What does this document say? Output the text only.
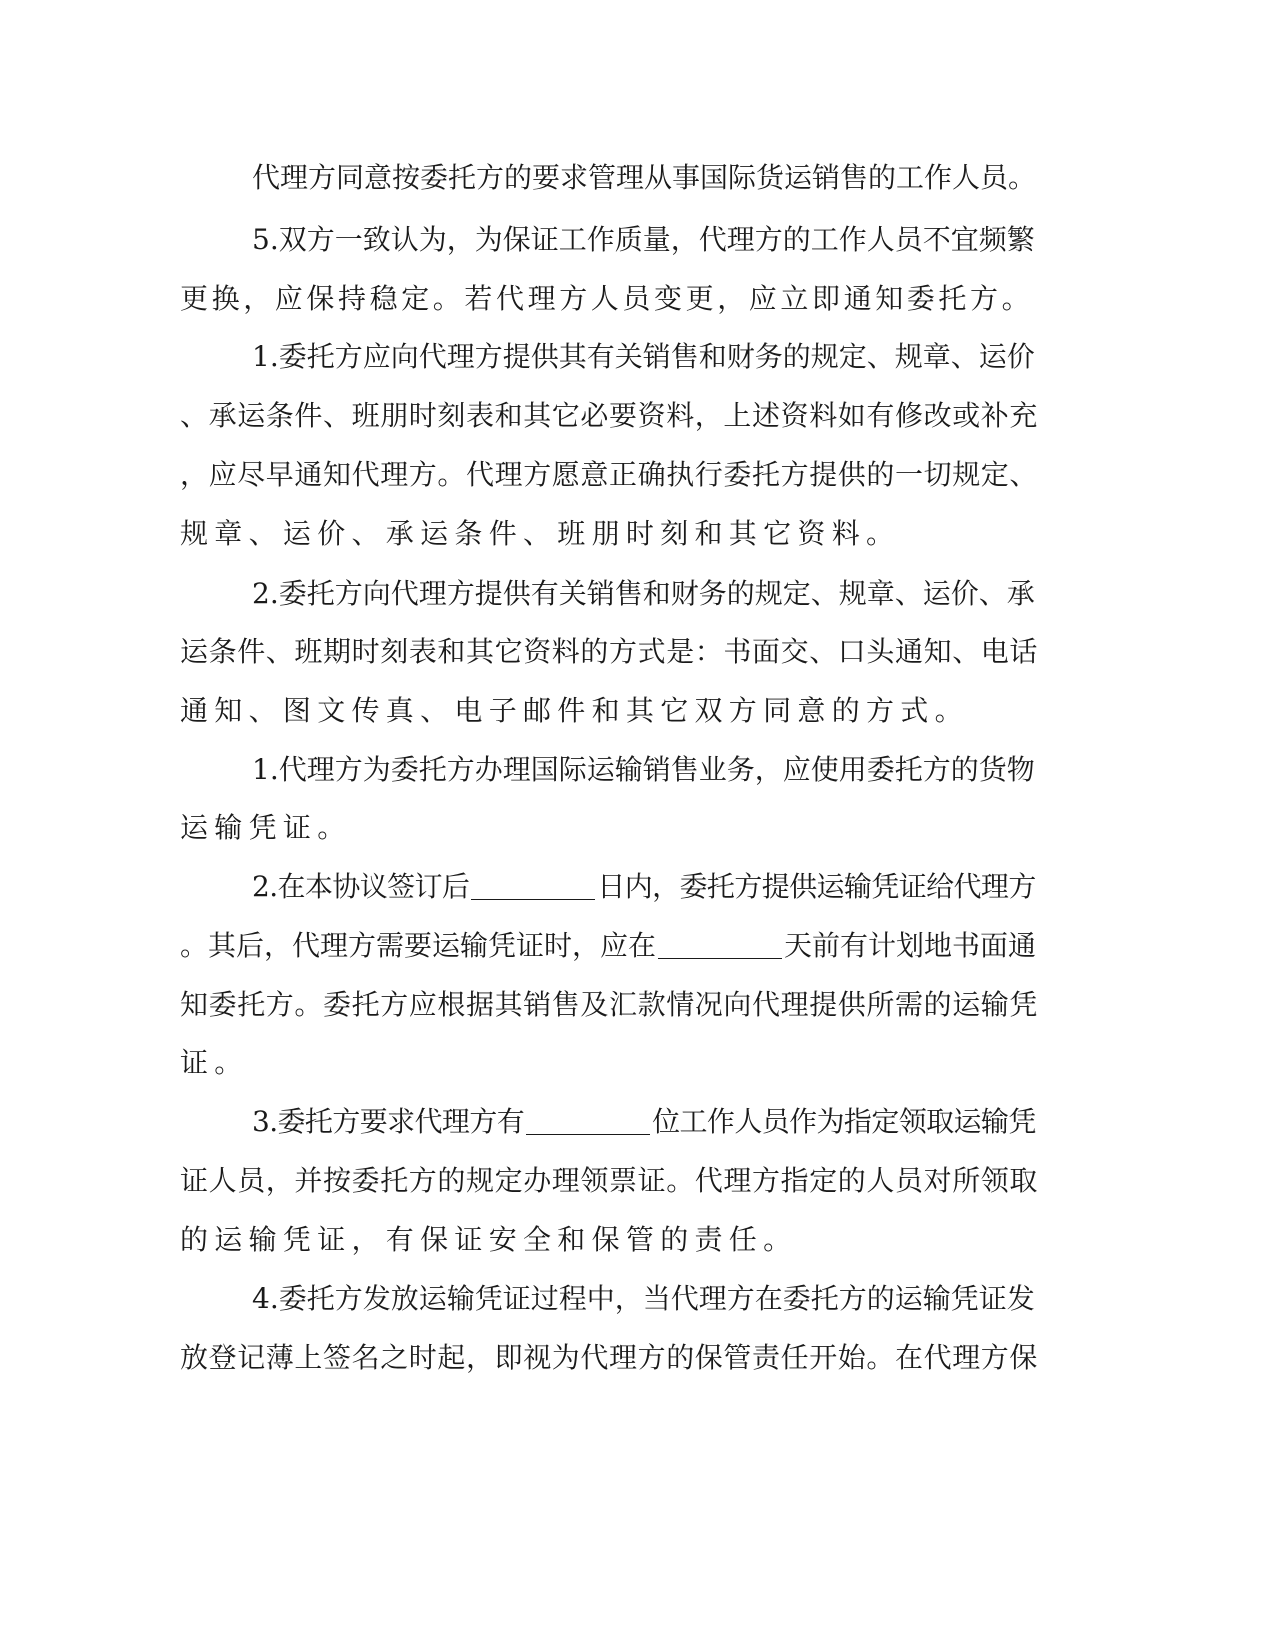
代理方同意按委托方的要求管理从事国际货运销售的工作人员。
5.双方一致认为，为保证工作质量，代理方的工作人员不宜频繁
更换，应保持稳定。若代理方人员变更，应立即通知委托方。
1.委托方应向代理方提供其有关销售和财务的规定、规章、运价
、承运条件、班朋时刻表和其它必要资料，上述资料如有修改或补充
，应尽早通知代理方。代理方愿意正确执行委托方提供的一切规定、
规章、运价、承运条件、班朋时刻和其它资料。
2.委托方向代理方提供有关销售和财务的规定、规章、运价、承
运条件、班期时刻表和其它资料的方式是：书面交、口头通知、电话
通知、图文传真、电子邮件和其它双方同意的方式。
1.代理方为委托方办理国际运输销售业务，应使用委托方的货物
运输凭证。
2.在本协议签订后	日内，委托方提供运输凭证给代理方
。其后，代理方需要运输凭证时，应在	天前有计划地书面通
知委托方。委托方应根据其销售及汇款情况向代理提供所需的运输凭
证。
3.委托方要求代理方有	位工作人员作为指定领取运输凭
证人员，并按委托方的规定办理领票证。代理方指定的人员对所领取
的运输凭证，有保证安全和保管的责任。
4.委托方发放运输凭证过程中，当代理方在委托方的运输凭证发
放登记薄上签名之时起，即视为代理方的保管责任开始。在代理方保
